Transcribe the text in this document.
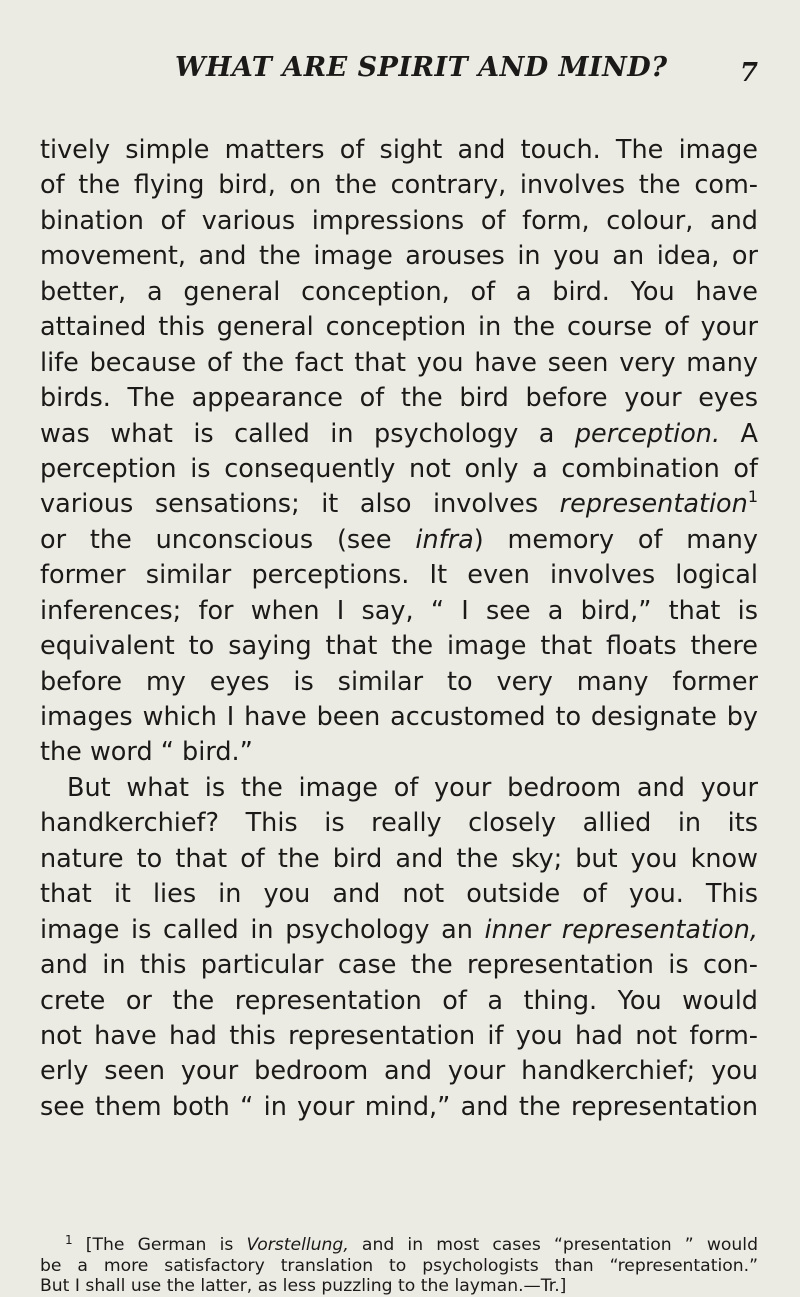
WHAT ARE SPIRIT AND MIND?	7
tively simple matters of sight and touch. The image
of the flying bird, on the contrary, involves the com-
bination of various impressions of form, colour, and
movement, and the image arouses in you an idea, or
better, a general conception, of a bird. You have
attained this general conception in the course of your
life because of the fact that you have seen very many
birds. The appearance of the bird before your eyes
was what is called in psychology a perception. A
perception is consequently not only a combination of
various sensations; it also involves representation$^1$
or the unconscious (see infra) memory of many
former similar perceptions. It even involves logical
inferences; for when I say, “ I see a bird,” that is
equivalent to saying that the image that floats there
before my eyes is similar to very many former
images which I have been accustomed to designate by
the word “ bird.”
But what is the image of your bedroom and your
handkerchief? This is really closely allied in its
nature to that of the bird and the sky; but you know
that it lies in you and not outside of you. This
image is called in psychology an inner representation,
and in this particular case the representation is con-
crete or the representation of a thing. You would
not have had this representation if you had not form-
erly seen your bedroom and your handkerchief; you
see them both “ in your mind,” and the representation
$^1$ [The German is Vorstellung, and in most cases “presentation ” would
be a more satisfactory translation to psychologists than “representation.”
But I shall use the latter, as less puzzling to the layman.—Tr.]
